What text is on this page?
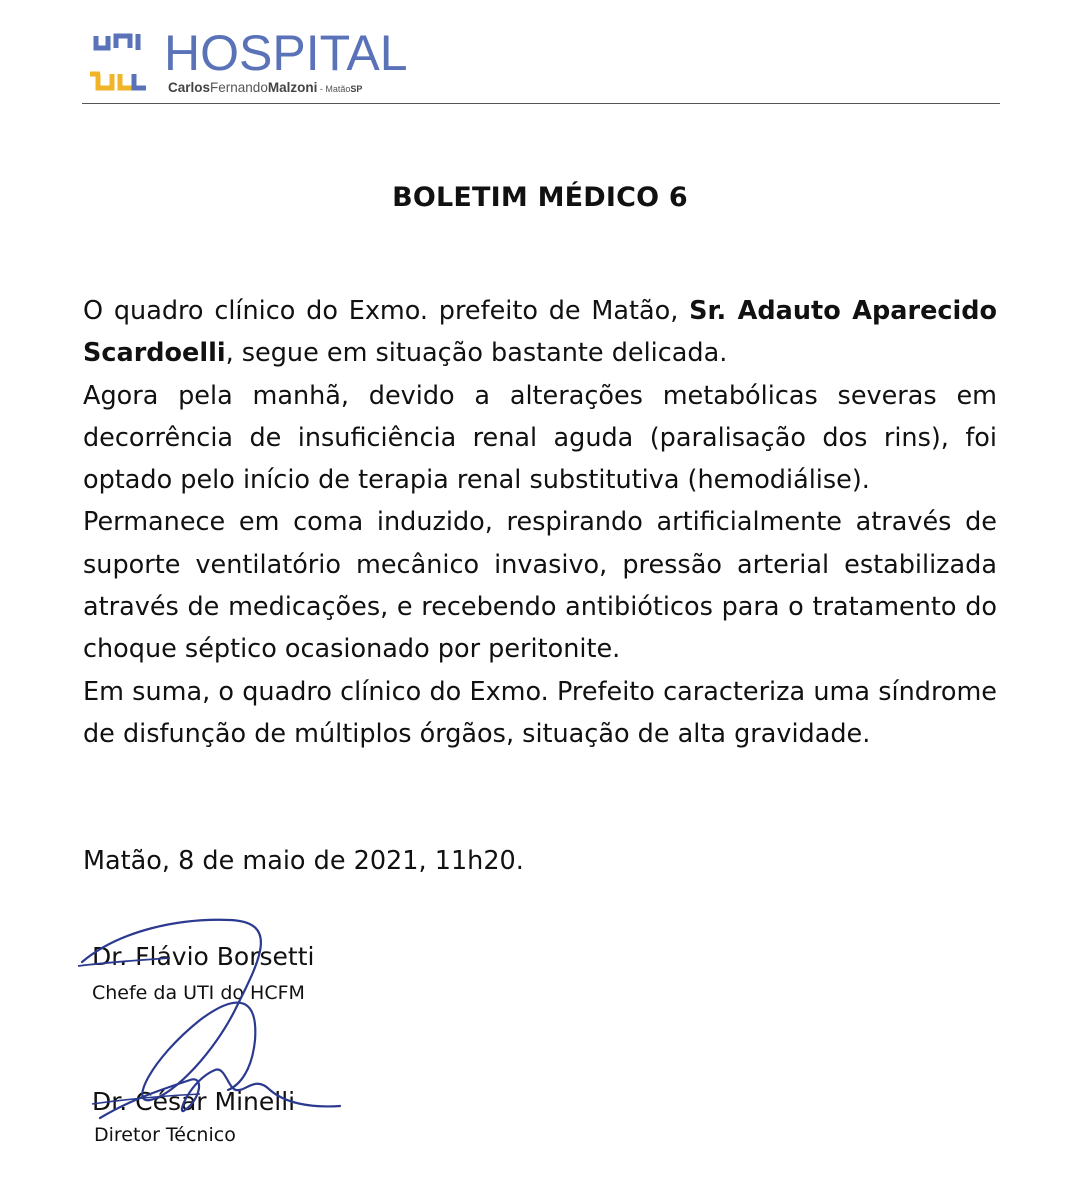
HOSPITAL
CarlosFernandoMalzoni - MatãoSP
BOLETIM MÉDICO 6

O quadro clínico do Exmo. prefeito de Matão, Sr. Adauto Aparecido Scardoelli, segue em situação bastante delicada.

Agora pela manhã, devido a alterações metabólicas severas em decorrência de insuficiência renal aguda (paralisação dos rins), foi optado pelo início de terapia renal substitutiva (hemodiálise).

Permanece em coma induzido, respirando artificialmente através de suporte ventilatório mecânico invasivo, pressão arterial estabilizada através de medicações, e recebendo antibióticos para o tratamento do choque séptico ocasionado por peritonite.

Em suma, o quadro clínico do Exmo. Prefeito caracteriza uma síndrome de disfunção de múltiplos órgãos, situação de alta gravidade.

Matão, 8 de maio de 2021, 11h20.
Dr. Flávio Borsetti
Chefe da UTI do HCFM
Dr. César Minelli
Diretor Técnico
